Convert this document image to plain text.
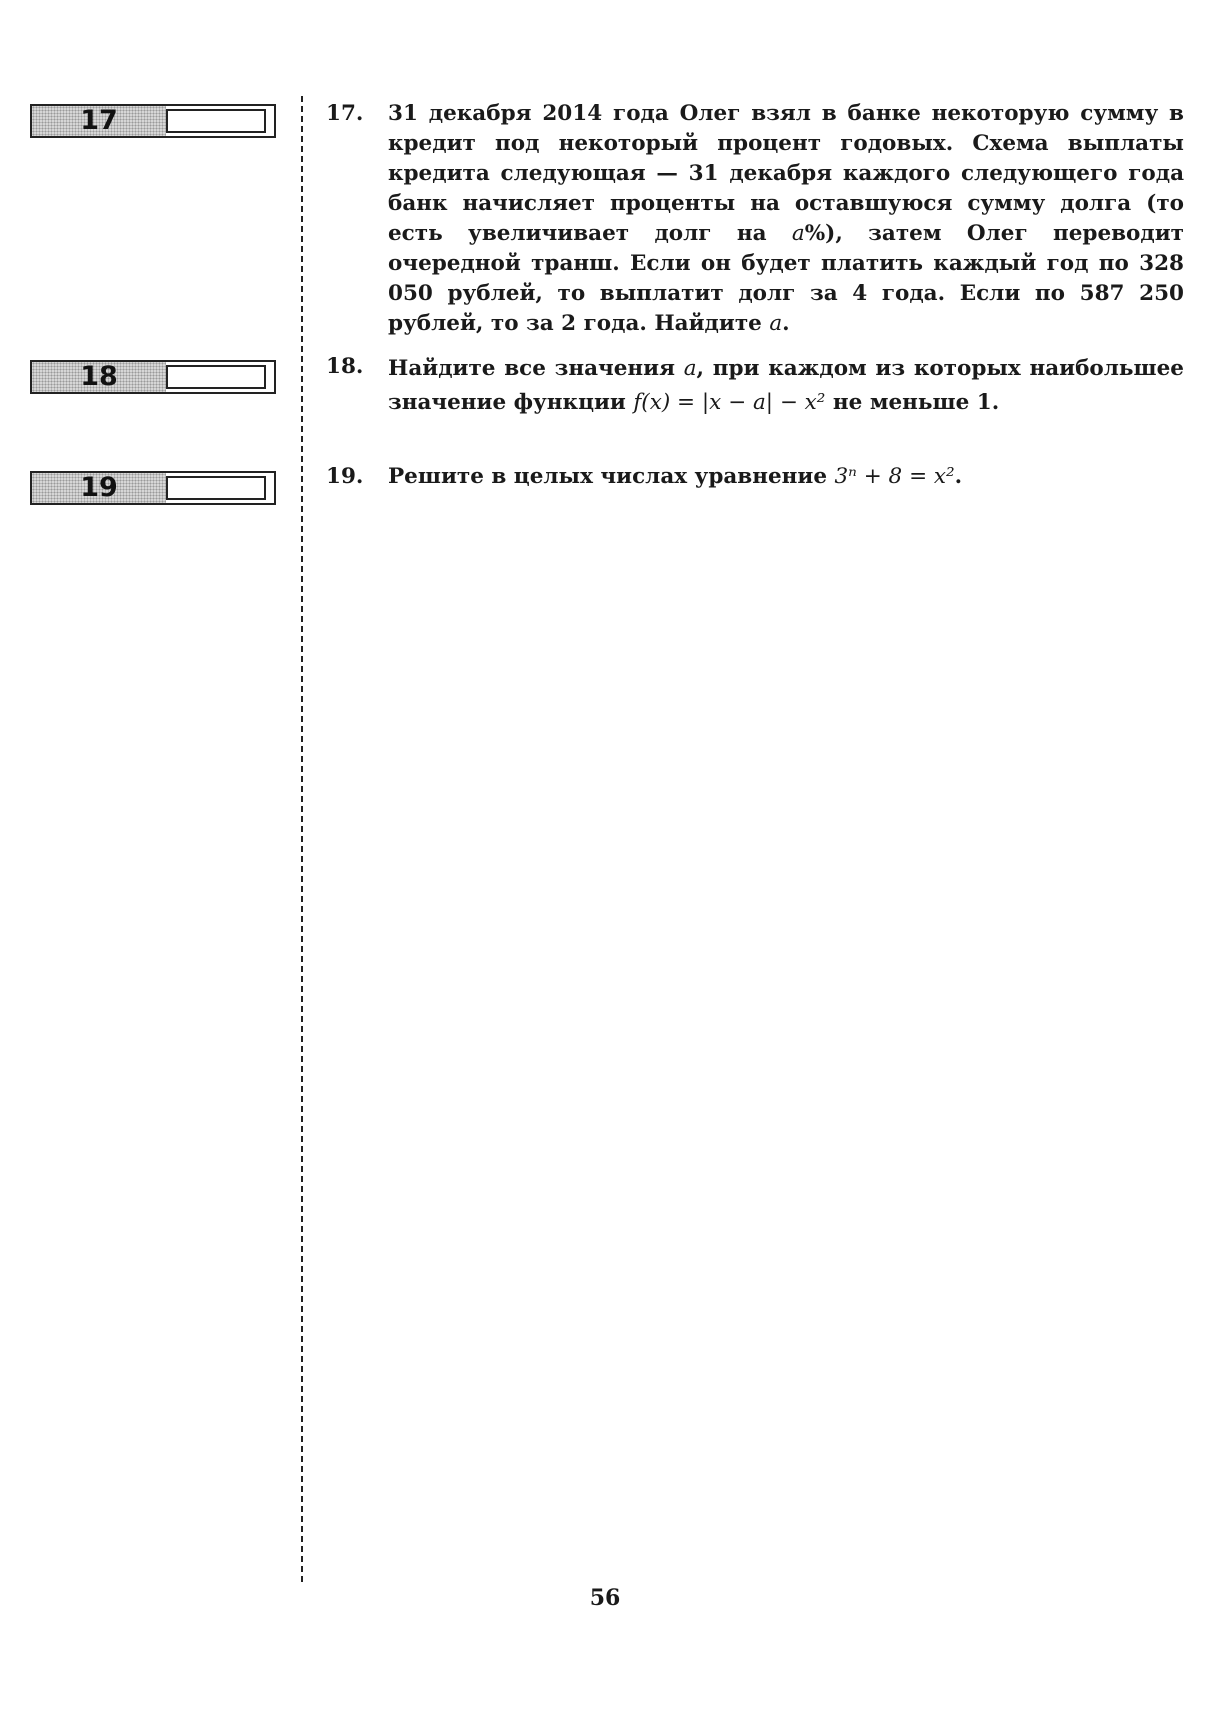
17
18
19
17. 31 декабря 2014 года Олег взял в банке некоторую сумму в кредит под некоторый процент годовых. Схема выплаты кредита следующая — 31 декабря каждого следующего года банк начисляет проценты на оставшуюся сумму долга (то есть увеличивает долг на a%), затем Олег переводит очередной транш. Если он будет платить каждый год по 328 050 рублей, то выплатит долг за 4 года. Если по 587 250 рублей, то за 2 года. Найдите a.
18. Найдите все значения a, при каждом из которых наибольшее значение функции f(x) = |x − a| − x² не меньше 1.
19. Решите в целых числах уравнение 3ⁿ + 8 = x².
56
